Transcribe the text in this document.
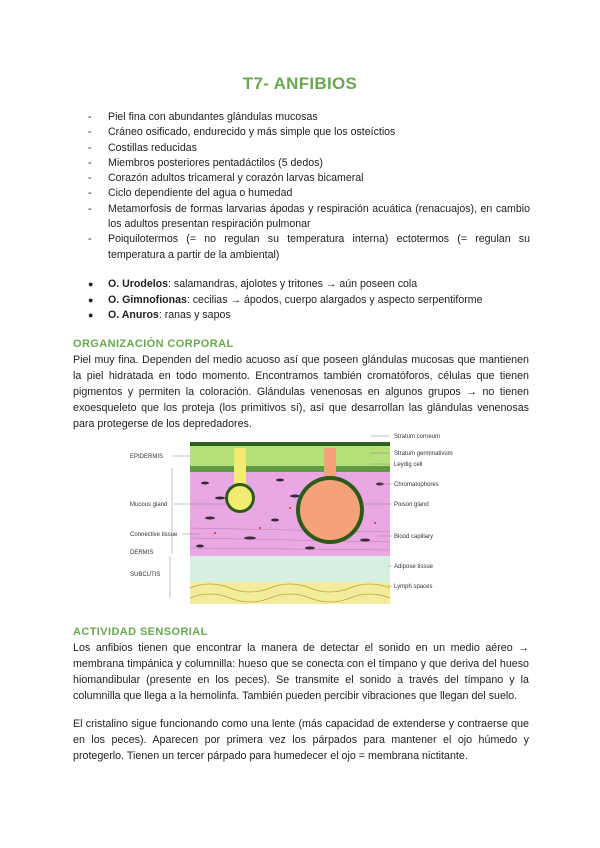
T7- ANFIBIOS
- Piel fina con abundantes glándulas mucosas
- Cráneo osificado, endurecido y más simple que los osteíctios
- Costillas reducidas
- Miembros posteriores pentadáctilos (5 dedos)
- Corazón adultos tricameral y corazón larvas bicameral
- Ciclo dependiente del agua o humedad
- Metamorfosis de formas larvarias ápodas y respiración acuática (renacuajos), en cambio los adultos presentan respiración pulmonar
- Poiquilotermos (= no regulan su temperatura interna) ectotermos (= regulan su temperatura a partir de la ambiental)
● O. Urodelos: salamandras, ajolotes y tritones → aún poseen cola
● O. Gimnofionas: cecilias → ápodos, cuerpo alargados y aspecto serpentiforme
● O. Anuros: ranas y sapos
ORGANIZACIÓN CORPORAL

Piel muy fina. Dependen del medio acuoso así que poseen glándulas mucosas que mantienen la piel hidratada en todo momento. Encontramos también cromatóforos, células que tienen pigmentos y permiten la coloración. Glándulas venenosas en algunos grupos → no tienen exoesqueleto que los proteja (los primitivos sí), así que desarrollan las glándulas venenosas para protegerse de los depredadores.

EPIDERMIS
Mucous gland
Connective tissue
DERMIS
SUBCUTIS
Stratum corneum
Stratum germinativum
Leydig cell
Chromatophores
Poison gland
Blood capillary
Adipose tissue
Lymph spaces
ACTIVIDAD SENSORIAL

Los anfibios tienen que encontrar la manera de detectar el sonido en un medio aéreo → membrana timpánica y columnilla: hueso que se conecta con el tímpano y que deriva del hueso hiomandibular (presente en los peces). Se transmite el sonido a través del tímpano y la columnilla que llega a la hemolinfa. También pueden percibir vibraciones que llegan del suelo.

El cristalino sigue funcionando como una lente (más capacidad de extenderse y contraerse que en los peces). Aparecen por primera vez los párpados para mantener el ojo húmedo y protegerlo. Tienen un tercer párpado para humedecer el ojo = membrana nictitante.
